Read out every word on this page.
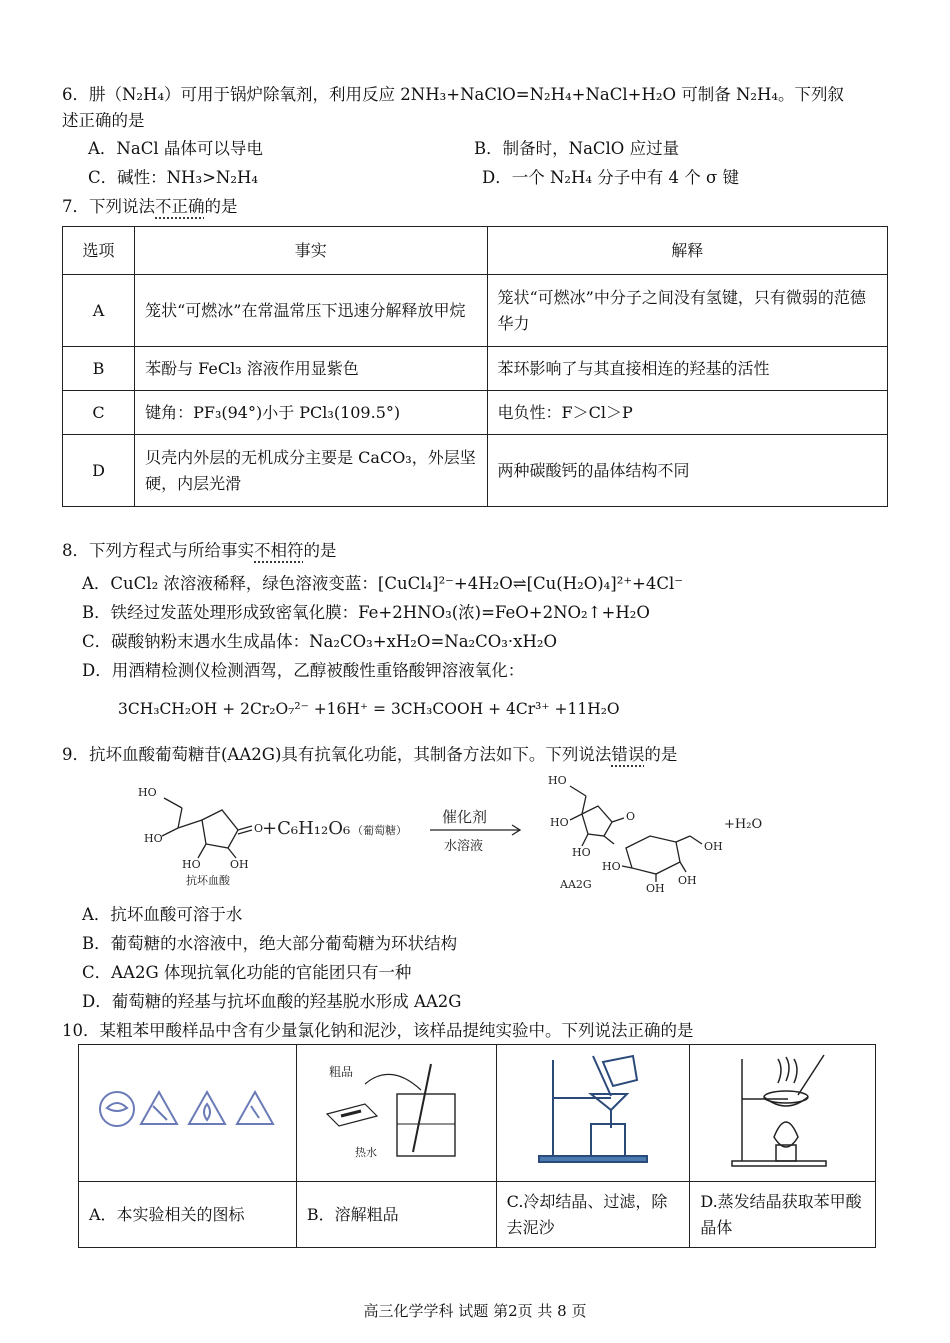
6．肼（N₂H₄）可用于锅炉除氧剂，利用反应 2NH₃+NaClO=N₂H₄+NaCl+H₂O 可制备 N₂H₄。下列叙
述正确的是
A．NaCl 晶体可以导电	B．制备时，NaClO 应过量
C．碱性：NH₃>N₂H₄	D．一个 N₂H₄ 分子中有 4 个 σ 键
7．下列说法不正确的是
选项	事实	解释
A	笼状“可燃冰”在常温常压下迅速分解释放甲烷	笼状“可燃冰”中分子之间没有氢键，只有微弱的范德华力
B	苯酚与 FeCl₃ 溶液作用显紫色	苯环影响了与其直接相连的羟基的活性
C	键角：PF₃(94°)小于 PCl₃(109.5°)	电负性：F＞Cl＞P
D	贝壳内外层的无机成分主要是 CaCO₃，外层坚硬，内层光滑	两种碳酸钙的晶体结构不同
8．下列方程式与所给事实不相符的是
A．CuCl₂ 浓溶液稀释，绿色溶液变蓝：[CuCl₄]²⁻+4H₂O⇌[Cu(H₂O)₄]²⁺+4Cl⁻
B．铁经过发蓝处理形成致密氧化膜：Fe+2HNO₃(浓)=FeO+2NO₂↑+H₂O
C．碳酸钠粉末遇水生成晶体：Na₂CO₃+xH₂O=Na₂CO₃·xH₂O
D．用酒精检测仪检测酒驾，乙醇被酸性重铬酸钾溶液氧化：
3CH₃CH₂OH + 2Cr₂O₇²⁻ +16H⁺ = 3CH₃COOH + 4Cr³⁺ +11H₂O
9．抗坏血酸葡萄糖苷(AA2G)具有抗氧化功能，其制备方法如下。下列说法错误的是
HO
HO
O
HO	OH
抗坏血酸
HO
HO	O
HO	OH
HO
OH
OH
AA2G
+C₆H₁₂O₆ （葡萄糖）
催化剂
水溶液
+H₂O
A．抗坏血酸可溶于水
B．葡萄糖的水溶液中，绝大部分葡萄糖为环状结构
C．AA2G 体现抗氧化功能的官能团只有一种
D．葡萄糖的羟基与抗坏血酸的羟基脱水形成 AA2G
10．某粗苯甲酸样品中含有少量氯化钠和泥沙，该样品提纯实验中。下列说法正确的是

粗品
热水

A．本实验相关的图标	B．溶解粗品	C.冷却结晶、过滤，除去泥沙	D.蒸发结晶获取苯甲酸晶体
高三化学学科 试题 第2页 共 8 页
